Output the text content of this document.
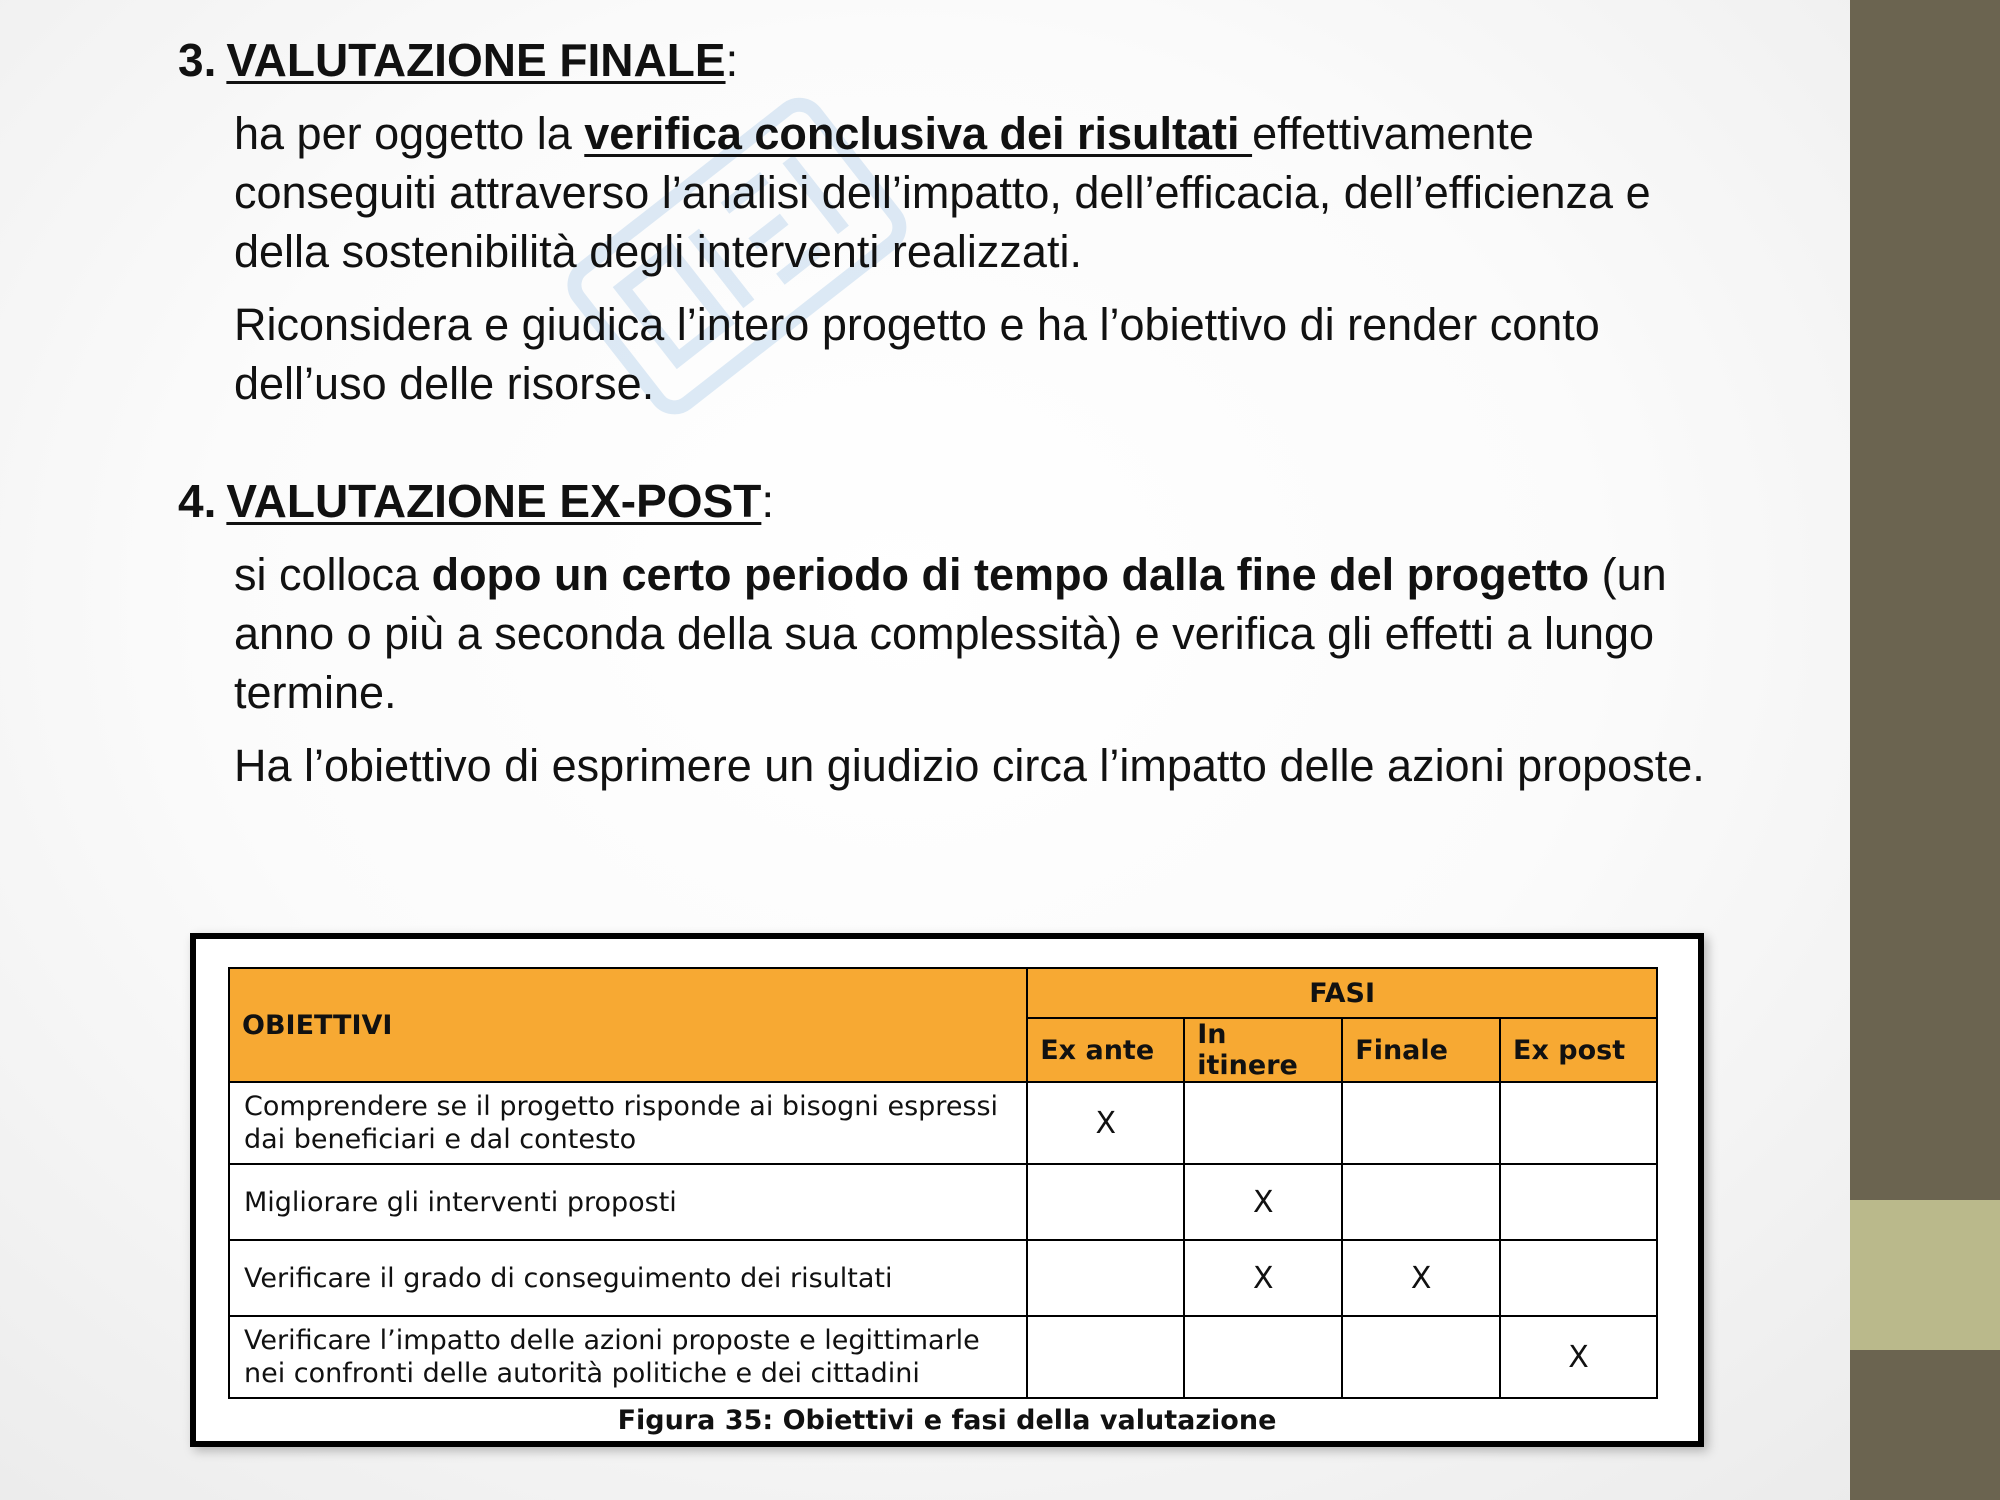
3. VALUTAZIONE FINALE:

ha per oggetto la verifica conclusiva dei risultati effettivamente conseguiti attraverso l’analisi dell’impatto, dell’efficacia, dell’efficienza e della sostenibilità degli interventi realizzati.

Riconsidera e giudica l’intero progetto e ha l’obiettivo di render conto dell’uso delle risorse.

4. VALUTAZIONE EX-POST:

si colloca dopo un certo periodo di tempo dalla fine del progetto (un anno o più a seconda della sua complessità) e verifica gli effetti a lungo termine.

Ha l’obiettivo di esprimere un giudizio circa l’impatto delle azioni proposte.

OBIETTIVI	FASI			
	Ex ante	In itinere	Finale	Ex post
Comprendere se il progetto risponde ai bisogni espressi dai beneficiari e dal contesto	X			
Migliorare gli interventi proposti		X		
Verificare il grado di conseguimento dei risultati		X	X	
Verificare l’impatto delle azioni proposte e legittimarle nei confronti delle autorità politiche e dei cittadini				X
Figura 35: Obiettivi e fasi della valutazione
